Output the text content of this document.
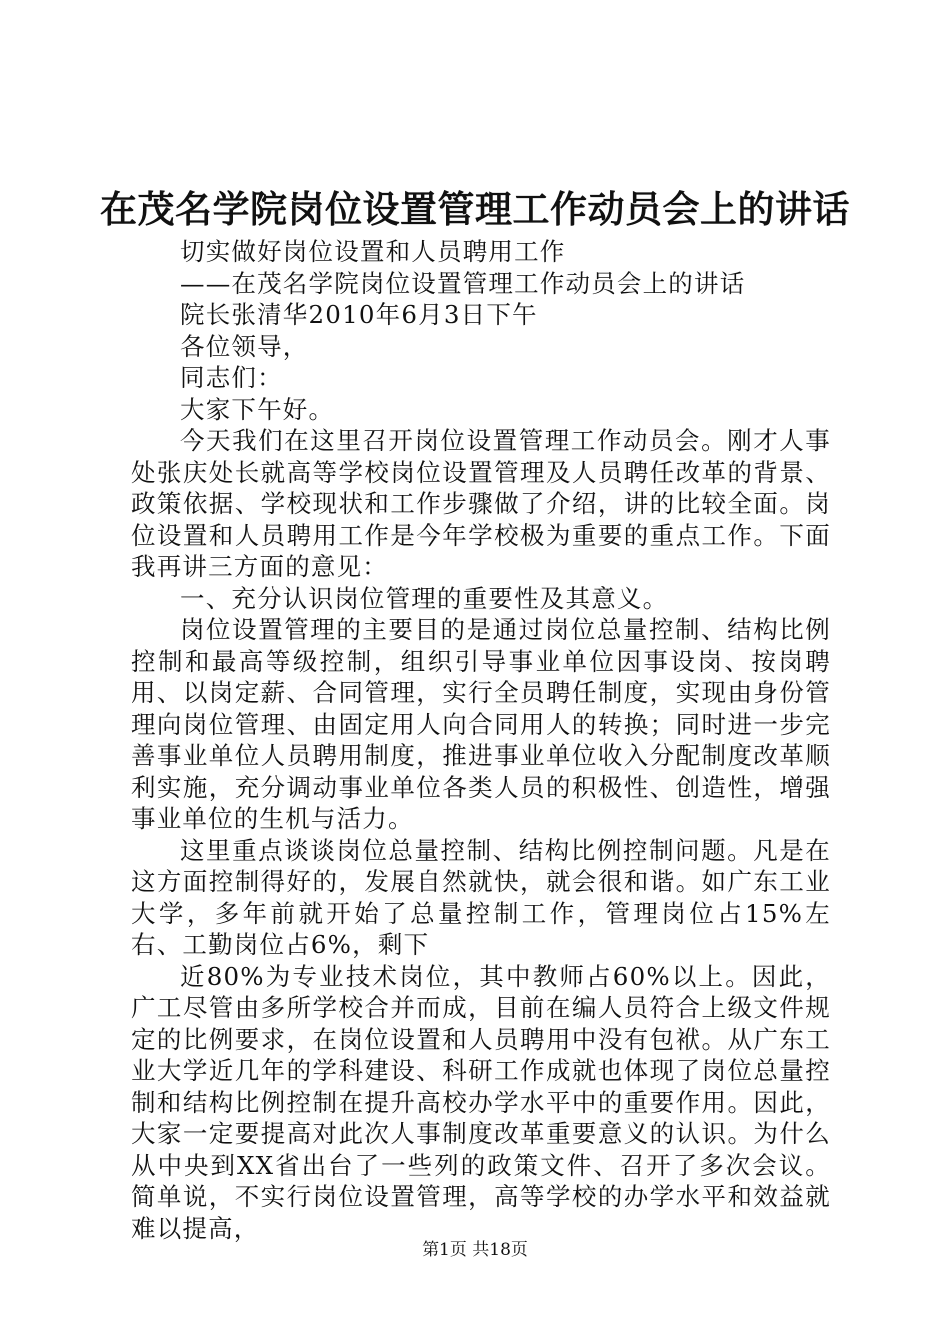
在茂名学院岗位设置管理工作动员会上的讲话

切实做好岗位设置和人员聘用工作

——在茂名学院岗位设置管理工作动员会上的讲话

院长张清华2010年6月3日下午

各位领导，

同志们：

大家下午好。

今天我们在这里召开岗位设置管理工作动员会。刚才人事处张庆处长就高等学校岗位设置管理及人员聘任改革的背景、政策依据、学校现状和工作步骤做了介绍，讲的比较全面。岗位设置和人员聘用工作是今年学校极为重要的重点工作。下面我再讲三方面的意见：

一、充分认识岗位管理的重要性及其意义。

岗位设置管理的主要目的是通过岗位总量控制、结构比例控制和最高等级控制，组织引导事业单位因事设岗、按岗聘用、以岗定薪、合同管理，实行全员聘任制度，实现由身份管理向岗位管理、由固定用人向合同用人的转换；同时进一步完善事业单位人员聘用制度，推进事业单位收入分配制度改革顺利实施，充分调动事业单位各类人员的积极性、创造性，增强事业单位的生机与活力。

这里重点谈谈岗位总量控制、结构比例控制问题。凡是在这方面控制得好的，发展自然就快，就会很和谐。如广东工业大学，多年前就开始了总量控制工作，管理岗位占15%左右、工勤岗位占6%，剩下

近80%为专业技术岗位，其中教师占60%以上。因此，广工尽管由多所学校合并而成，目前在编人员符合上级文件规定的比例要求，在岗位设置和人员聘用中没有包袱。从广东工业大学近几年的学科建设、科研工作成就也体现了岗位总量控制和结构比例控制在提升高校办学水平中的重要作用。因此，大家一定要提高对此次人事制度改革重要意义的认识。为什么从中央到XX省出台了一些列的政策文件、召开了多次会议。简单说，不实行岗位设置管理，高等学校的办学水平和效益就难以提高，

第1页 共18页
